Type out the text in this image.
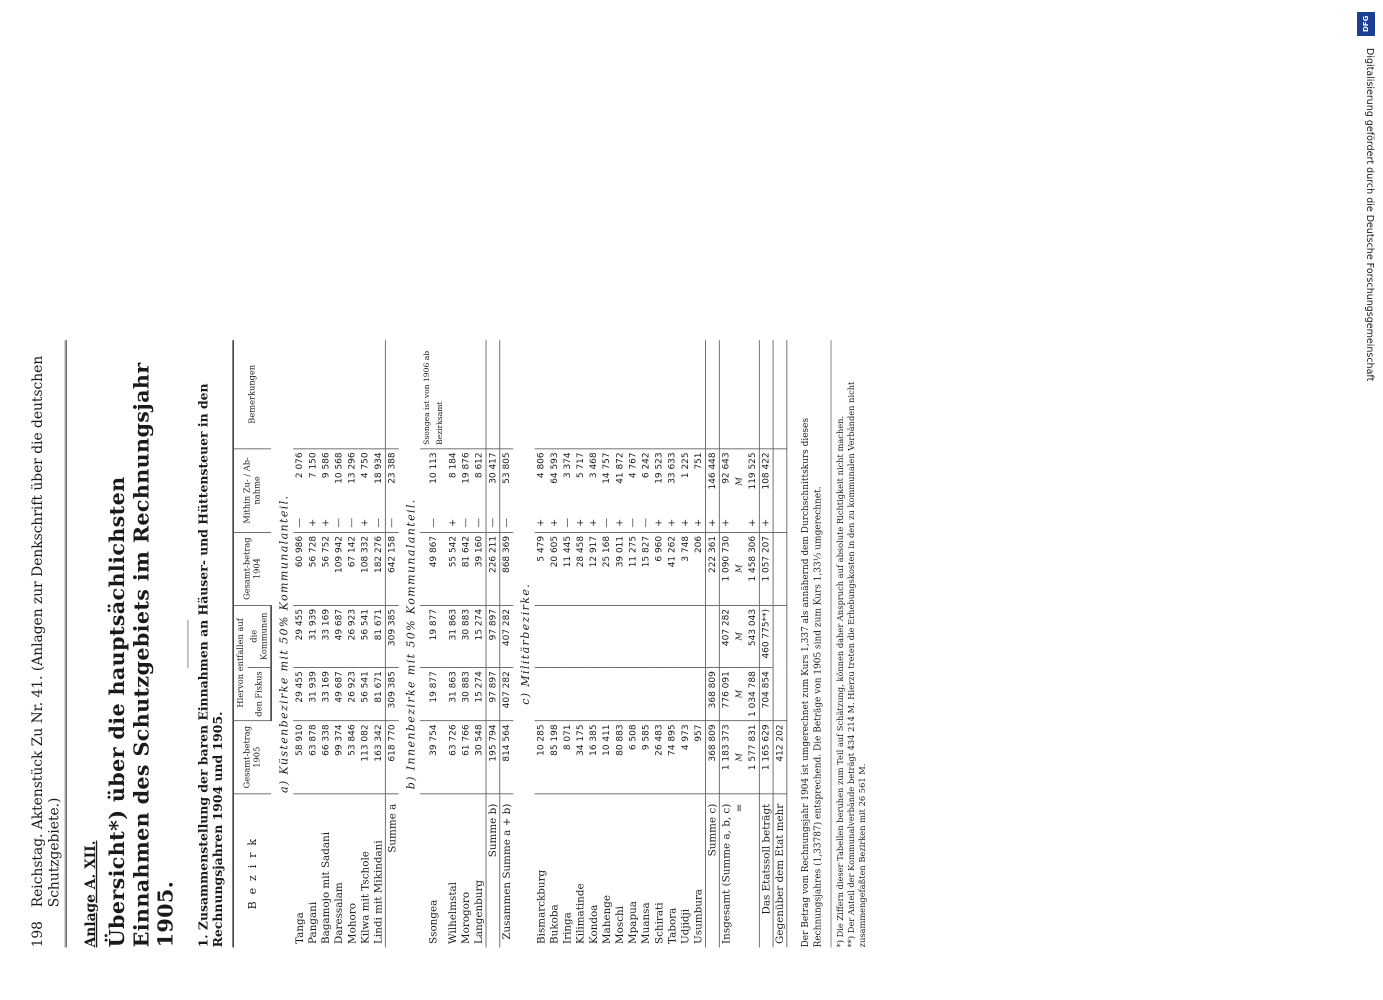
DFG
Digitalisierung gefördert durch die Deutsche Forschungsgemeinschaft
198
Reichstag. Aktenstück Zu Nr. 41. (Anlagen zur Denkschrift über die deutschen Schutzgebiete.) Anlage A. XII. Übersicht*) über die hauptsächlichsten Einnahmen des Schutzgebiets im Rechnungsjahr 1905. 1. Zusammenstellung der baren Einnahmen an Häuser- und Hüttensteuer in den Rechnungsjahren 1904 und 1905. Bezirk	Gesamt-betrag 1905	Hiervon entfallen auf		Gesamt-betrag 1904	Mithin Zu- / Ab- nahme		Bemerkungen
		den Fiskus	die Kommunen				
a) Küstenbezirke mit 50% Kommunalanteil.							
Tanga	58 910	29 455	29 455	60 986	—	2 076	
Pangani	63 878	31 939	31 939	56 728	+	7 150	
Bagamojo mit Sadani	66 338	33 169	33 169	56 752	+	9 586	
Daressalam	99 374	49 687	49 687	109 942	—	10 568	
Mohoro	53 846	26 923	26 923	67 142	—	13 296	
Kilwa mit Tschole	113 082	56 541	56 541	108 332	+	4 750	
Lindi mit Mikindani	163 342	81 671	81 671	182 276	—	18 934	
Summe a	618 770	309 385	309 385	642 158	—	23 388	
b) Innenbezirke mit 50% Kommunalanteil.							
Ssongea	39 754	19 877	19 877	49 867	—	10 113	Ssongea ist von 1906 ab Bezirksamt
Wilhelmstal	63 726	31 863	31 863	55 542	+	8 184	
Morogoro	61 766	30 883	30 883	81 642	—	19 876	
Langenburg	30 548	15 274	15 274	39 160	—	8 612	
Summe b)	195 794	97 897	97 897	226 211	—	30 417	
Zusammen Summe a + b)	814 564	407 282	407 282	868 369	—	53 805	
c) Militärbezirke.							
Bismarckburg	10 285			5 479	+	4 806	
Bukoba	85 198			20 605	+	64 593	
Iringa	8 071			11 445	—	3 374	
Kilimatinde	34 175			28 458	+	5 717	
Kondoa	16 385			12 917	+	3 468	
Mahenge	10 411			25 168	—	14 757	
Moschi	80 883			39 011	+	41 872	
Mpapua	6 508			11 275	—	4 767	
Muansa	9 585			15 827	—	6 242	
Schirati	26 483			6 960	+	19 523	
Tabora	74 895			41 262	+	33 633	
Udjidji	4 973			3 748	+	1 225	
Usumbura	957			206	+	751	
Summe c)	368 809	368 809		222 361	+	146 448	
Insgesamt (Summe a, b, c)	1 183 373	776 091	407 282	1 090 730	+	92 643	
=	M	M	M	M		M	
	1 577 831	1 034 788	543 043	1 458 306	+	119 525	
Das Etatssoll beträgt	1 165 629	704 854	460 775**)	1 057 207	+	108 422	
Gegenüber dem Etat mehr	412 202						Der Betrag vom Rechnungsjahr 1904 ist umgerechnet zum Kurs 1,337 als annähernd dem Durchschnittskurs dieses Rechnungsjahres (1,33787) entsprechend. Die Beträge von 1905 sind zum Kurs 1,33⅓ umgerechnet. *) Die Ziffern dieser Tabellen beruhen zum Teil auf Schätzung, können daher Anspruch auf absolute Richtigkeit nicht machen. **) Der Anteil der Kommunalverbände beträgt 434 214 M. Hierzu treten die Erhebungskosten in den zu kommunalen Verbänden nicht zusammengefaßten Bezirken mit 26 561 M.
